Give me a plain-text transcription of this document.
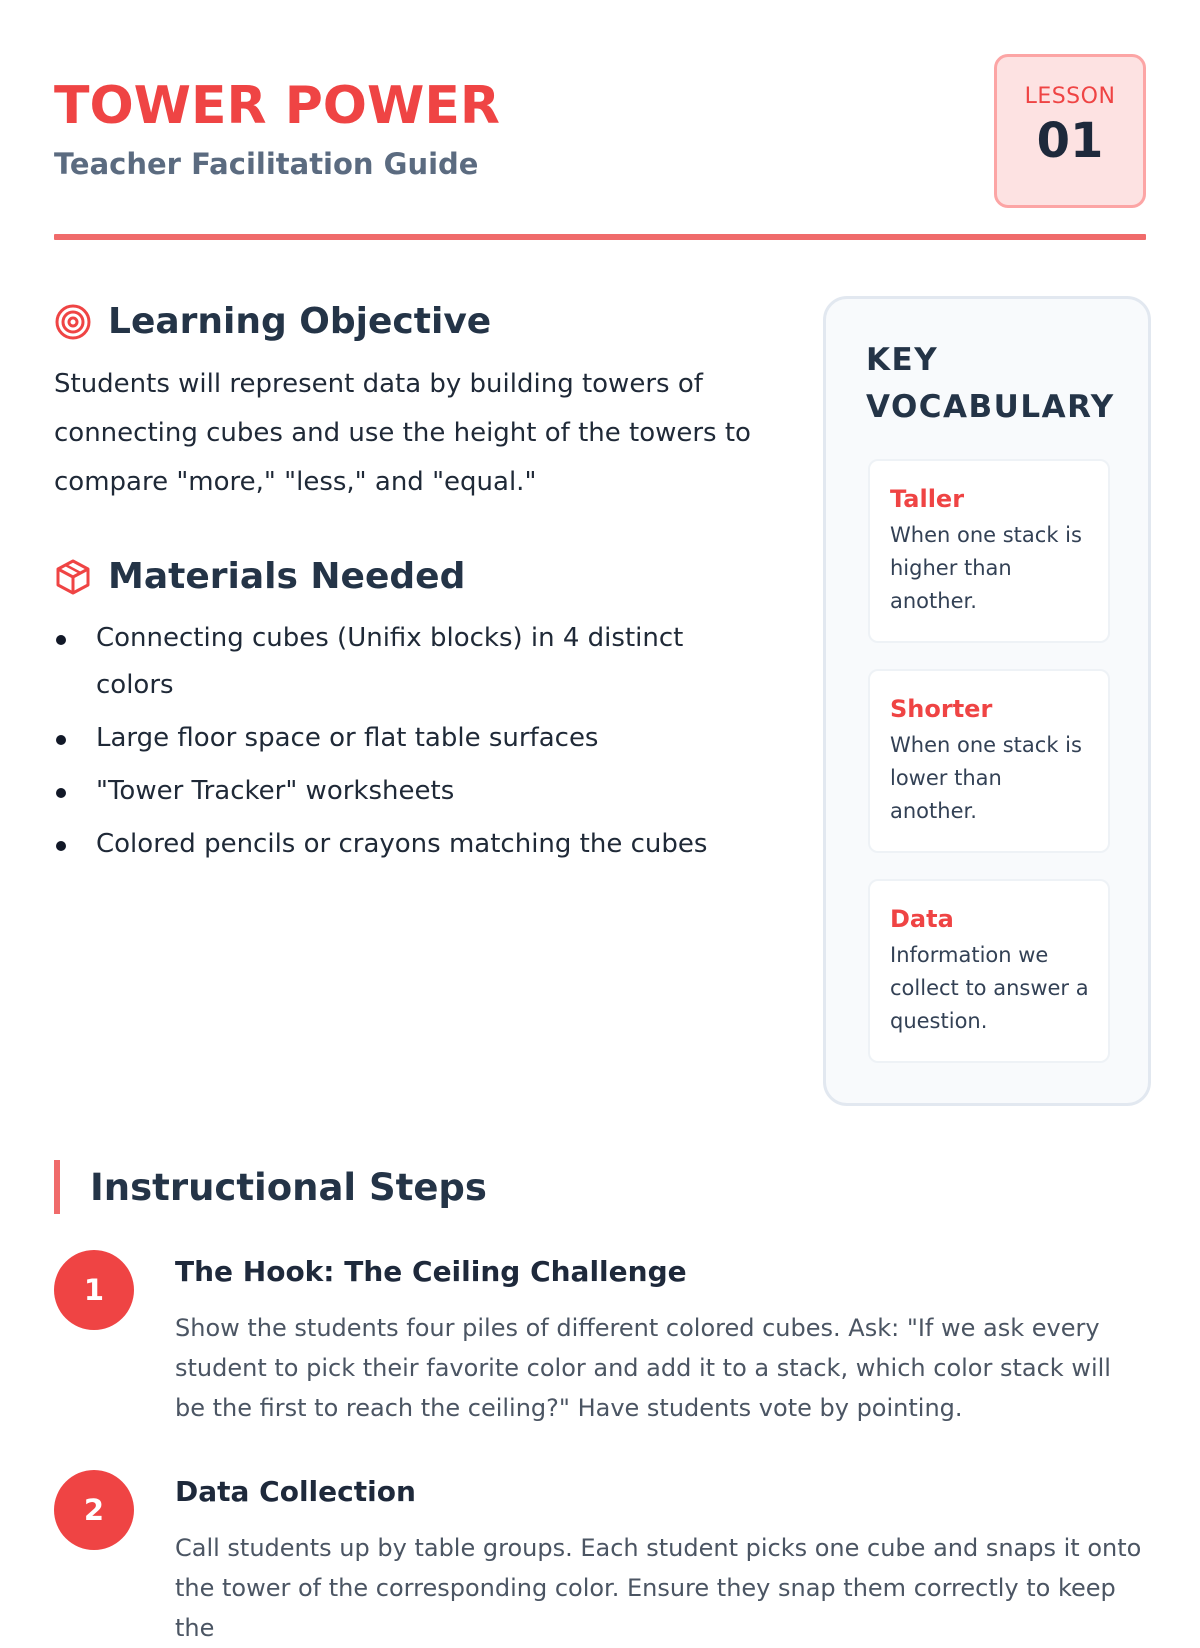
TOWER POWER
Teacher Facilitation Guide
LESSON
01
Learning Objective

Students will represent data by building towers of connecting cubes and use the height of the towers to compare "more," "less," and "equal."

Materials Needed
Connecting cubes (Unifix blocks) in 4 distinct colors
Large floor space or flat table surfaces
"Tower Tracker" worksheets
Colored pencils or crayons matching the cubes
KEY VOCABULARY
Taller
When one stack is higher than another.
Shorter
When one stack is lower than another.
Data
Information we collect to answer a question.
Instructional Steps
1
The Hook: The Ceiling Challenge
Show the students four piles of different colored cubes. Ask: "If we ask every student to pick their favorite color and add it to a stack, which color stack will be the first to reach the ceiling?" Have students vote by pointing.
2
Data Collection
Call students up by table groups. Each student picks one cube and snaps it onto the tower of the corresponding color. Ensure they snap them correctly to keep the
